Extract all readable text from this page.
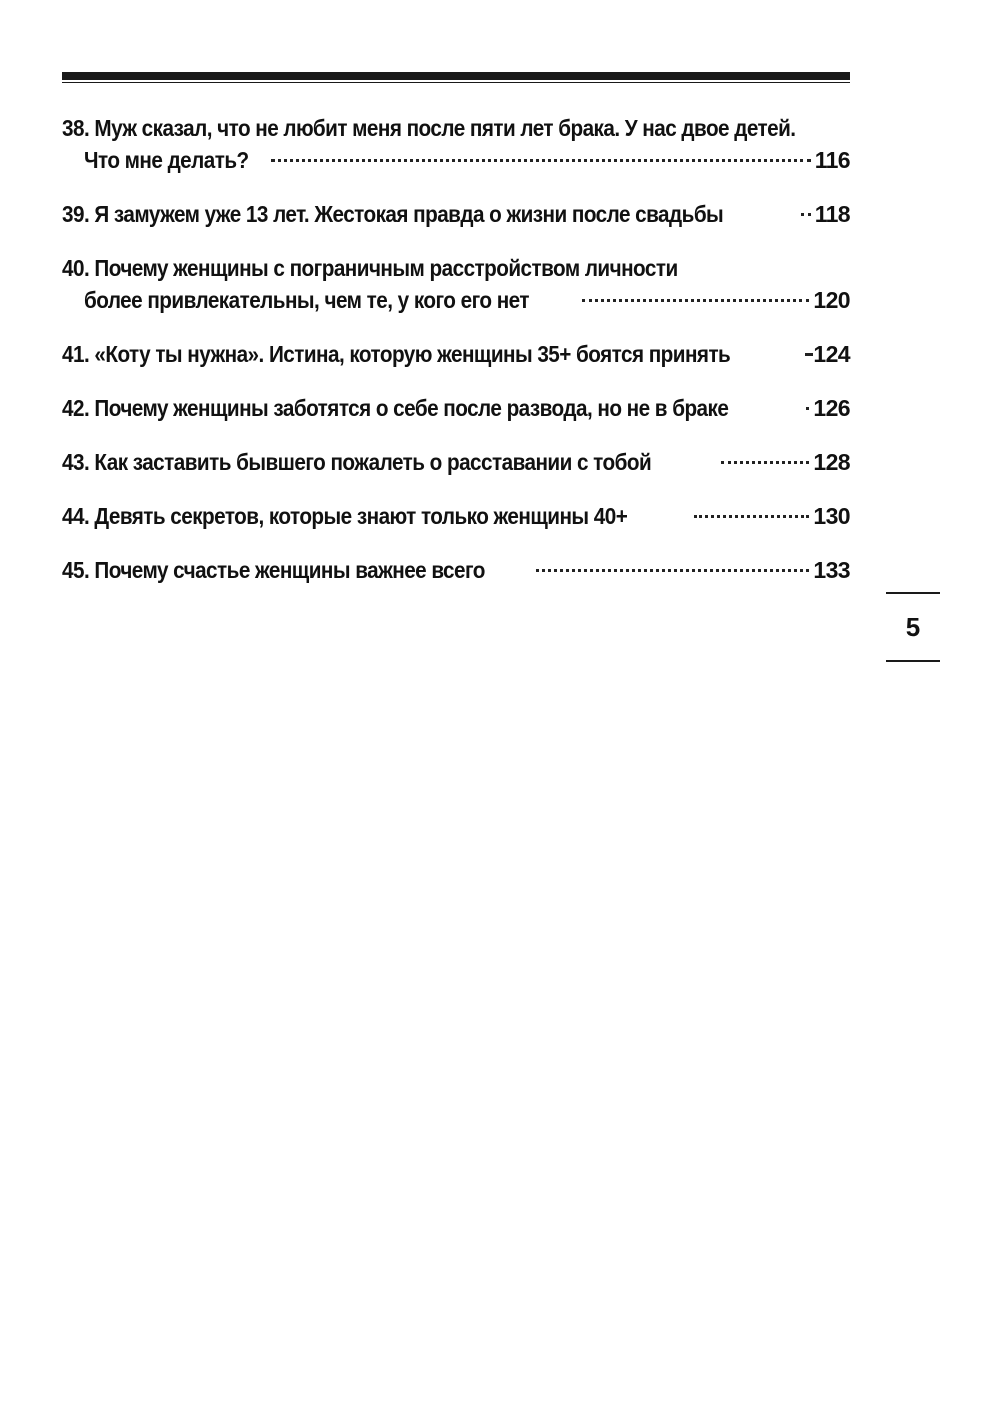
38. Муж сказал, что не любит меня после пяти лет брака. У нас двое детей.
Что мне делать?	116
39. Я замужем уже 13 лет. Жестокая правда о жизни после свадьбы	118
40. Почему женщины с пограничным расстройством личности
более привлекательны, чем те, у кого его нет	120
41. «Коту ты нужна». Истина, которую женщины 35+ боятся принять	124
42. Почему женщины заботятся о себе после развода, но не в браке	126
43. Как заставить бывшего пожалеть о расставании с тобой	128
44. Девять секретов, которые знают только женщины 40+	130
45. Почему счастье женщины важнее всего	133
5
